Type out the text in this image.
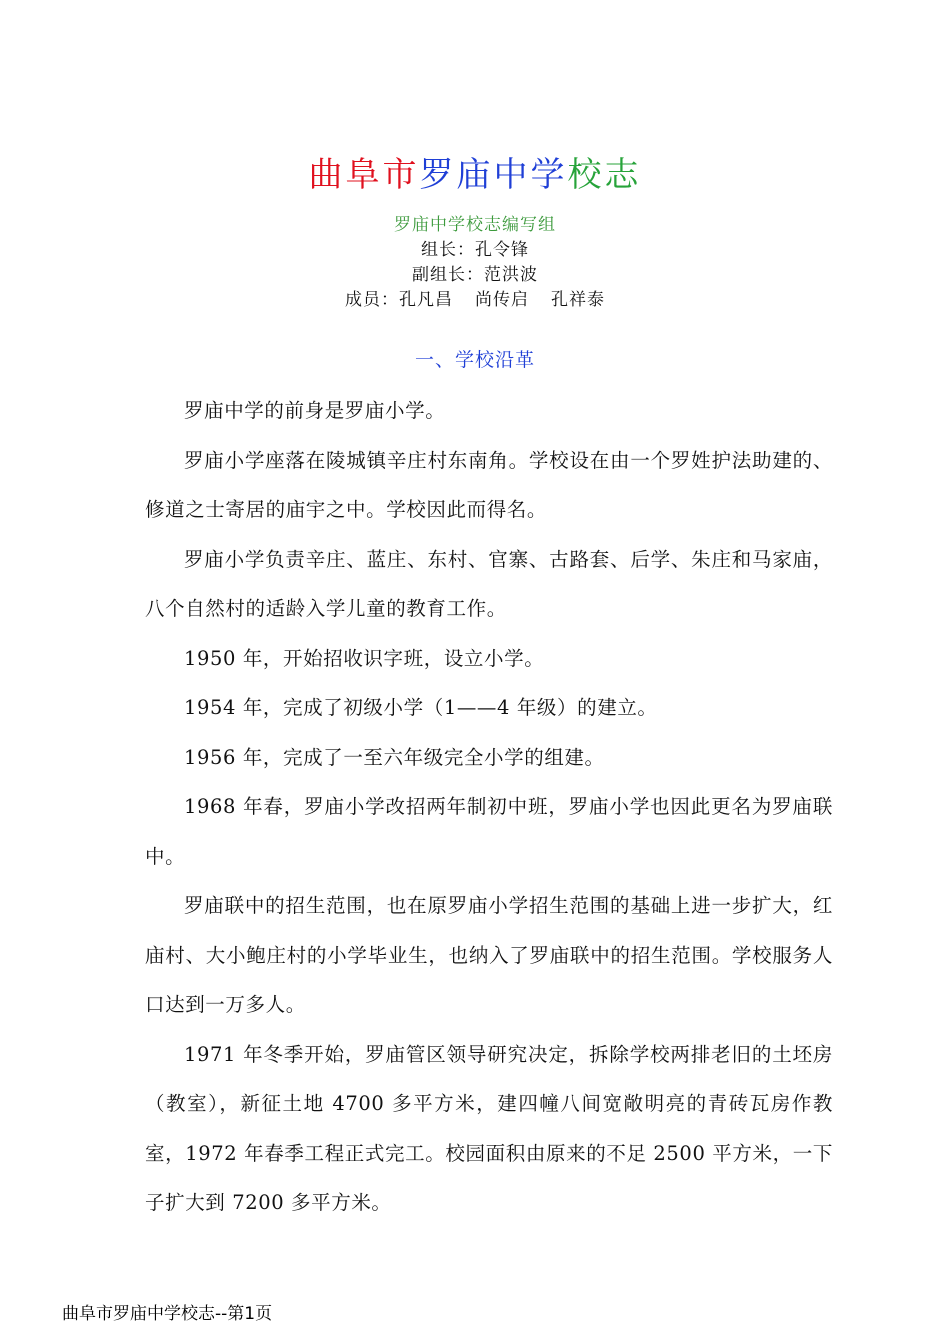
曲阜市罗庙中学校志
罗庙中学校志编写组
组长：孔令锋
副组长：范洪波
成员：孔凡昌 尚传启 孔祥泰
一、学校沿革

罗庙中学的前身是罗庙小学。

罗庙小学座落在陵城镇辛庄村东南角。学校设在由一个罗姓护法助建的、修道之士寄居的庙宇之中。学校因此而得名。

罗庙小学负责辛庄、蓝庄、东村、官寨、古路套、后学、朱庄和马家庙，八个自然村的适龄入学儿童的教育工作。

1950 年，开始招收识字班，设立小学。

1954 年，完成了初级小学（1——4 年级）的建立。

1956 年，完成了一至六年级完全小学的组建。

1968 年春，罗庙小学改招两年制初中班，罗庙小学也因此更名为罗庙联中。

罗庙联中的招生范围，也在原罗庙小学招生范围的基础上进一步扩大，红庙村、大小鲍庄村的小学毕业生，也纳入了罗庙联中的招生范围。学校服务人口达到一万多人。

1971 年冬季开始，罗庙管区领导研究决定，拆除学校两排老旧的土坯房（教室），新征土地 4700 多平方米，建四幢八间宽敞明亮的青砖瓦房作教室，1972 年春季工程正式完工。校园面积由原来的不足 2500 平方米，一下子扩大到 7200 多平方米。

曲阜市罗庙中学校志--第1页
